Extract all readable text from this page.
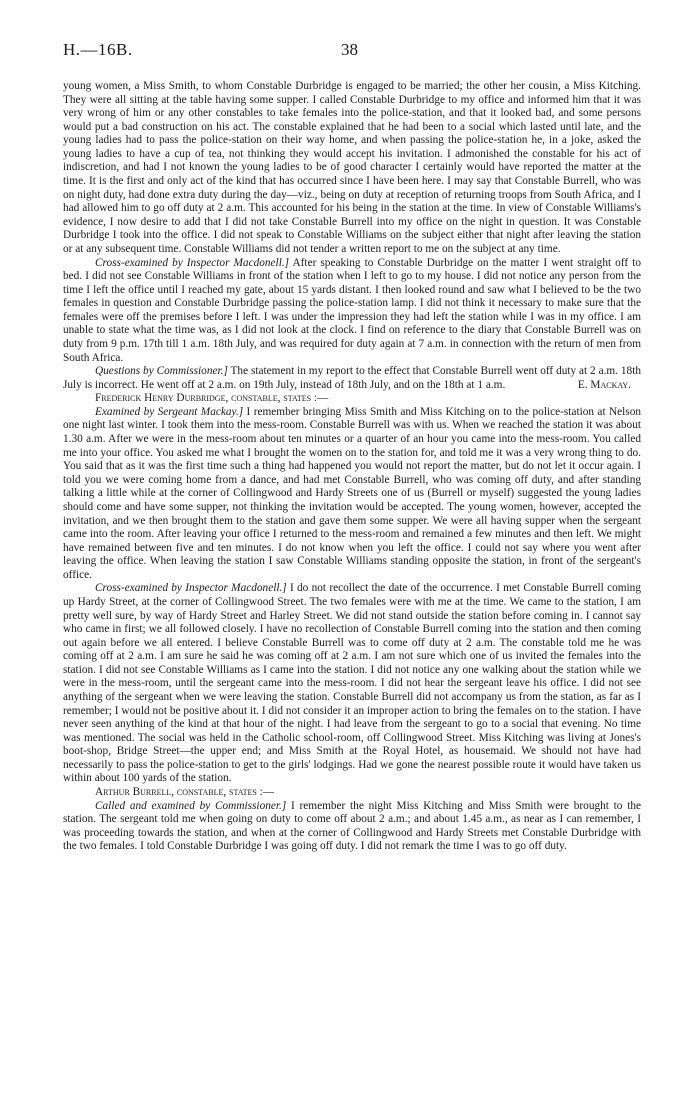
H.—16B.	38

young women, a Miss Smith, to whom Constable Durbridge is engaged to be married; the other her cousin, a Miss Kitching. They were all sitting at the table having some supper. I called Constable Durbridge to my office and informed him that it was very wrong of him or any other constables to take females into the police-station, and that it looked bad, and some persons would put a bad construction on his act. The constable explained that he had been to a social which lasted until late, and the young ladies had to pass the police-station on their way home, and when passing the police-station he, in a joke, asked the young ladies to have a cup of tea, not thinking they would accept his invitation. I admonished the constable for his act of indiscretion, and had I not known the young ladies to be of good character I certainly would have reported the matter at the time. It is the first and only act of the kind that has occurred since I have been here. I may say that Constable Burrell, who was on night duty, had done extra duty during the day—viz., being on duty at reception of returning troops from South Africa, and I had allowed him to go off duty at 2 a.m. This accounted for his being in the station at the time. In view of Constable Williams's evidence, I now desire to add that I did not take Constable Burrell into my office on the night in question. It was Constable Durbridge I took into the office. I did not speak to Constable Williams on the subject either that night after leaving the station or at any subsequent time. Constable Williams did not tender a written report to me on the subject at any time.

Cross-examined by Inspector Macdonell.] After speaking to Constable Durbridge on the matter I went straight off to bed. I did not see Constable Williams in front of the station when I left to go to my house. I did not notice any person from the time I left the office until I reached my gate, about 15 yards distant. I then looked round and saw what I believed to be the two females in question and Constable Durbridge passing the police-station lamp. I did not think it necessary to make sure that the females were off the premises before I left. I was under the impression they had left the station while I was in my office. I am unable to state what the time was, as I did not look at the clock. I find on reference to the diary that Constable Burrell was on duty from 9 p.m. 17th till 1 a.m. 18th July, and was required for duty again at 7 a.m. in connection with the return of men from South Africa.

Questions by Commissioner.] The statement in my report to the effect that Constable Burrell went off duty at 2 a.m. 18th July is incorrect. He went off at 2 a.m. on 19th July, instead of 18th July, and on the 18th at 1 a.m.	E. Mackay.

Frederick Henry Durbridge, constable, states :—

Examined by Sergeant Mackay.] I remember bringing Miss Smith and Miss Kitching on to the police-station at Nelson one night last winter. I took them into the mess-room. Constable Burrell was with us. When we reached the station it was about 1.30 a.m. After we were in the mess-room about ten minutes or a quarter of an hour you came into the mess-room. You called me into your office. You asked me what I brought the women on to the station for, and told me it was a very wrong thing to do. You said that as it was the first time such a thing had happened you would not report the matter, but do not let it occur again. I told you we were coming home from a dance, and had met Constable Burrell, who was coming off duty, and after standing talking a little while at the corner of Collingwood and Hardy Streets one of us (Burrell or myself) suggested the young ladies should come and have some supper, not thinking the invitation would be accepted. The young women, however, accepted the invitation, and we then brought them to the station and gave them some supper. We were all having supper when the sergeant came into the room. After leaving your office I returned to the mess-room and remained a few minutes and then left. We might have remained between five and ten minutes. I do not know when you left the office. I could not say where you went after leaving the office. When leaving the station I saw Constable Williams standing opposite the station, in front of the sergeant's office.

Cross-examined by Inspector Macdonell.] I do not recollect the date of the occurrence. I met Constable Burrell coming up Hardy Street, at the corner of Collingwood Street. The two females were with me at the time. We came to the station, I am pretty well sure, by way of Hardy Street and Harley Street. We did not stand outside the station before coming in. I cannot say who came in first; we all followed closely. I have no recollection of Constable Burrell coming into the station and then coming out again before we all entered. I believe Constable Burrell was to come off duty at 2 a.m. The constable told me he was coming off at 2 a.m. I am sure he said he was coming off at 2 a.m. I am not sure which one of us invited the females into the station. I did not see Constable Williams as I came into the station. I did not notice any one walking about the station while we were in the mess-room, until the sergeant came into the mess-room. I did not hear the sergeant leave his office. I did not see anything of the sergeant when we were leaving the station. Constable Burrell did not accompany us from the station, as far as I remember; I would not be positive about it. I did not consider it an improper action to bring the females on to the station. I have never seen anything of the kind at that hour of the night. I had leave from the sergeant to go to a social that evening. No time was mentioned. The social was held in the Catholic school-room, off Collingwood Street. Miss Kitching was living at Jones's boot-shop, Bridge Street—the upper end; and Miss Smith at the Royal Hotel, as housemaid. We should not have had necessarily to pass the police-station to get to the girls' lodgings. Had we gone the nearest possible route it would have taken us within about 100 yards of the station.

Arthur Burrell, constable, states :—

Called and examined by Commissioner.] I remember the night Miss Kitching and Miss Smith were brought to the station. The sergeant told me when going on duty to come off about 2 a.m.; and about 1.45 a.m., as near as I can remember, I was proceeding towards the station, and when at the corner of Collingwood and Hardy Streets met Constable Durbridge with the two females. I told Constable Durbridge I was going off duty. I did not remark the time I was to go off duty.
